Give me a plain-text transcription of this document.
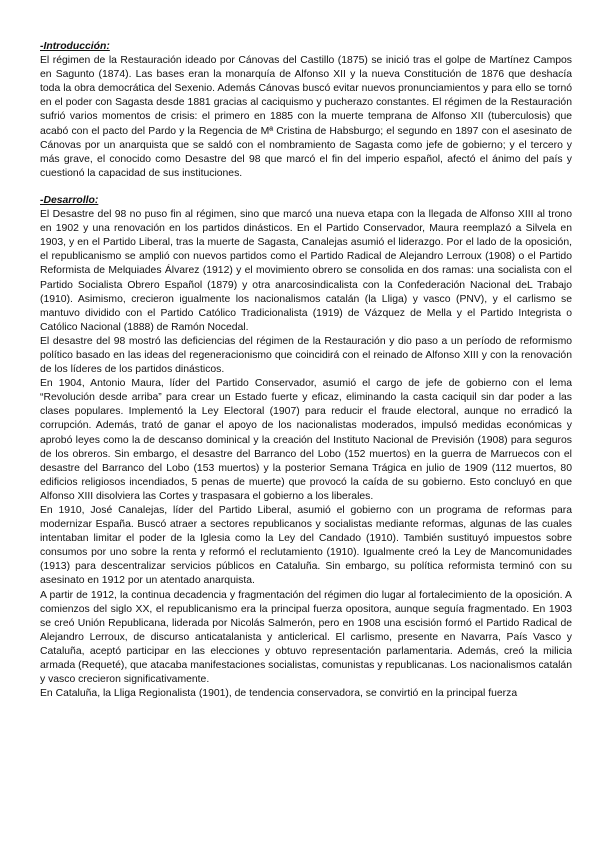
-Introducción:

El régimen de la Restauración ideado por Cánovas del Castillo (1875) se inició tras el golpe de Martínez Campos en Sagunto (1874). Las bases eran la monarquía de Alfonso XII y la nueva Constitución de 1876 que deshacía toda la obra democrática del Sexenio. Además Cánovas buscó evitar nuevos pronunciamientos y para ello se tornó en el poder con Sagasta desde 1881 gracias al caciquismo y pucherazo constantes. El régimen de la Restauración sufrió varios momentos de crisis: el primero en 1885 con la muerte temprana de Alfonso XII (tuberculosis) que acabó con el pacto del Pardo y la Regencia de Mª Cristina de Habsburgo; el segundo en 1897 con el asesinato de Cánovas por un anarquista que se saldó con el nombramiento de Sagasta como jefe de gobierno; y el tercero y más grave, el conocido como Desastre del 98 que marcó el fin del imperio español, afectó el ánimo del país y cuestionó la capacidad de sus instituciones.

-Desarrollo:

El Desastre del 98 no puso fin al régimen, sino que marcó una nueva etapa con la llegada de Alfonso XIII al trono en 1902 y una renovación en los partidos dinásticos. En el Partido Conservador, Maura reemplazó a Silvela en 1903, y en el Partido Liberal, tras la muerte de Sagasta, Canalejas asumió el liderazgo. Por el lado de la oposición, el republicanismo se amplió con nuevos partidos como el Partido Radical de Alejandro Lerroux (1908) o el Partido Reformista de Melquiades Álvarez (1912) y el movimiento obrero se consolida en dos ramas: una socialista con el Partido Socialista Obrero Español (1879) y otra anarcosindicalista con la Confederación Nacional deL Trabajo (1910). Asimismo, crecieron igualmente los nacionalismos catalán (la Lliga) y vasco (PNV), y el carlismo se mantuvo dividido con el Partido Católico Tradicionalista (1919) de Vázquez de Mella y el Partido Integrista o Católico Nacional (1888) de Ramón Nocedal.

El desastre del 98 mostró las deficiencias del régimen de la Restauración y dio paso a un período de reformismo político basado en las ideas del regeneracionismo que coincidirá con el reinado de Alfonso XIII y con la renovación de los líderes de los partidos dinásticos.

En 1904, Antonio Maura, líder del Partido Conservador, asumió el cargo de jefe de gobierno con el lema “Revolución desde arriba” para crear un Estado fuerte y eficaz, eliminando la casta caciquil sin dar poder a las clases populares. Implementó la Ley Electoral (1907) para reducir el fraude electoral, aunque no erradicó la corrupción. Además, trató de ganar el apoyo de los nacionalistas moderados, impulsó medidas económicas y aprobó leyes como la de descanso dominical y la creación del Instituto Nacional de Previsión (1908) para seguros de los obreros. Sin embargo, el desastre del Barranco del Lobo (152 muertos) en la guerra de Marruecos con el desastre del Barranco del Lobo (153 muertos) y la posterior Semana Trágica en julio de 1909 (112 muertos, 80 edificios religiosos incendiados, 5 penas de muerte) que provocó la caída de su gobierno. Esto concluyó en que Alfonso XIII disolviera las Cortes y traspasara el gobierno a los liberales.

En 1910, José Canalejas, líder del Partido Liberal, asumió el gobierno con un programa de reformas para modernizar España. Buscó atraer a sectores republicanos y socialistas mediante reformas, algunas de las cuales intentaban limitar el poder de la Iglesia como la Ley del Candado (1910). También sustituyó impuestos sobre consumos por uno sobre la renta y reformó el reclutamiento (1910). Igualmente creó la Ley de Mancomunidades (1913) para descentralizar servicios públicos en Cataluña. Sin embargo, su política reformista terminó con su asesinato en 1912 por un atentado anarquista.

A partir de 1912, la continua decadencia y fragmentación del régimen dio lugar al fortalecimiento de la oposición. A comienzos del siglo XX, el republicanismo era la principal fuerza opositora, aunque seguía fragmentado. En 1903 se creó Unión Republicana, liderada por Nicolás Salmerón, pero en 1908 una escisión formó el Partido Radical de Alejandro Lerroux, de discurso anticatalanista y anticlerical. El carlismo, presente en Navarra, País Vasco y Cataluña, aceptó participar en las elecciones y obtuvo representación parlamentaria. Además, creó la milicia armada (Requeté), que atacaba manifestaciones socialistas, comunistas y republicanas. Los nacionalismos catalán y vasco crecieron significativamente.

En Cataluña, la Lliga Regionalista (1901), de tendencia conservadora, se convirtió en la principal fuerza
